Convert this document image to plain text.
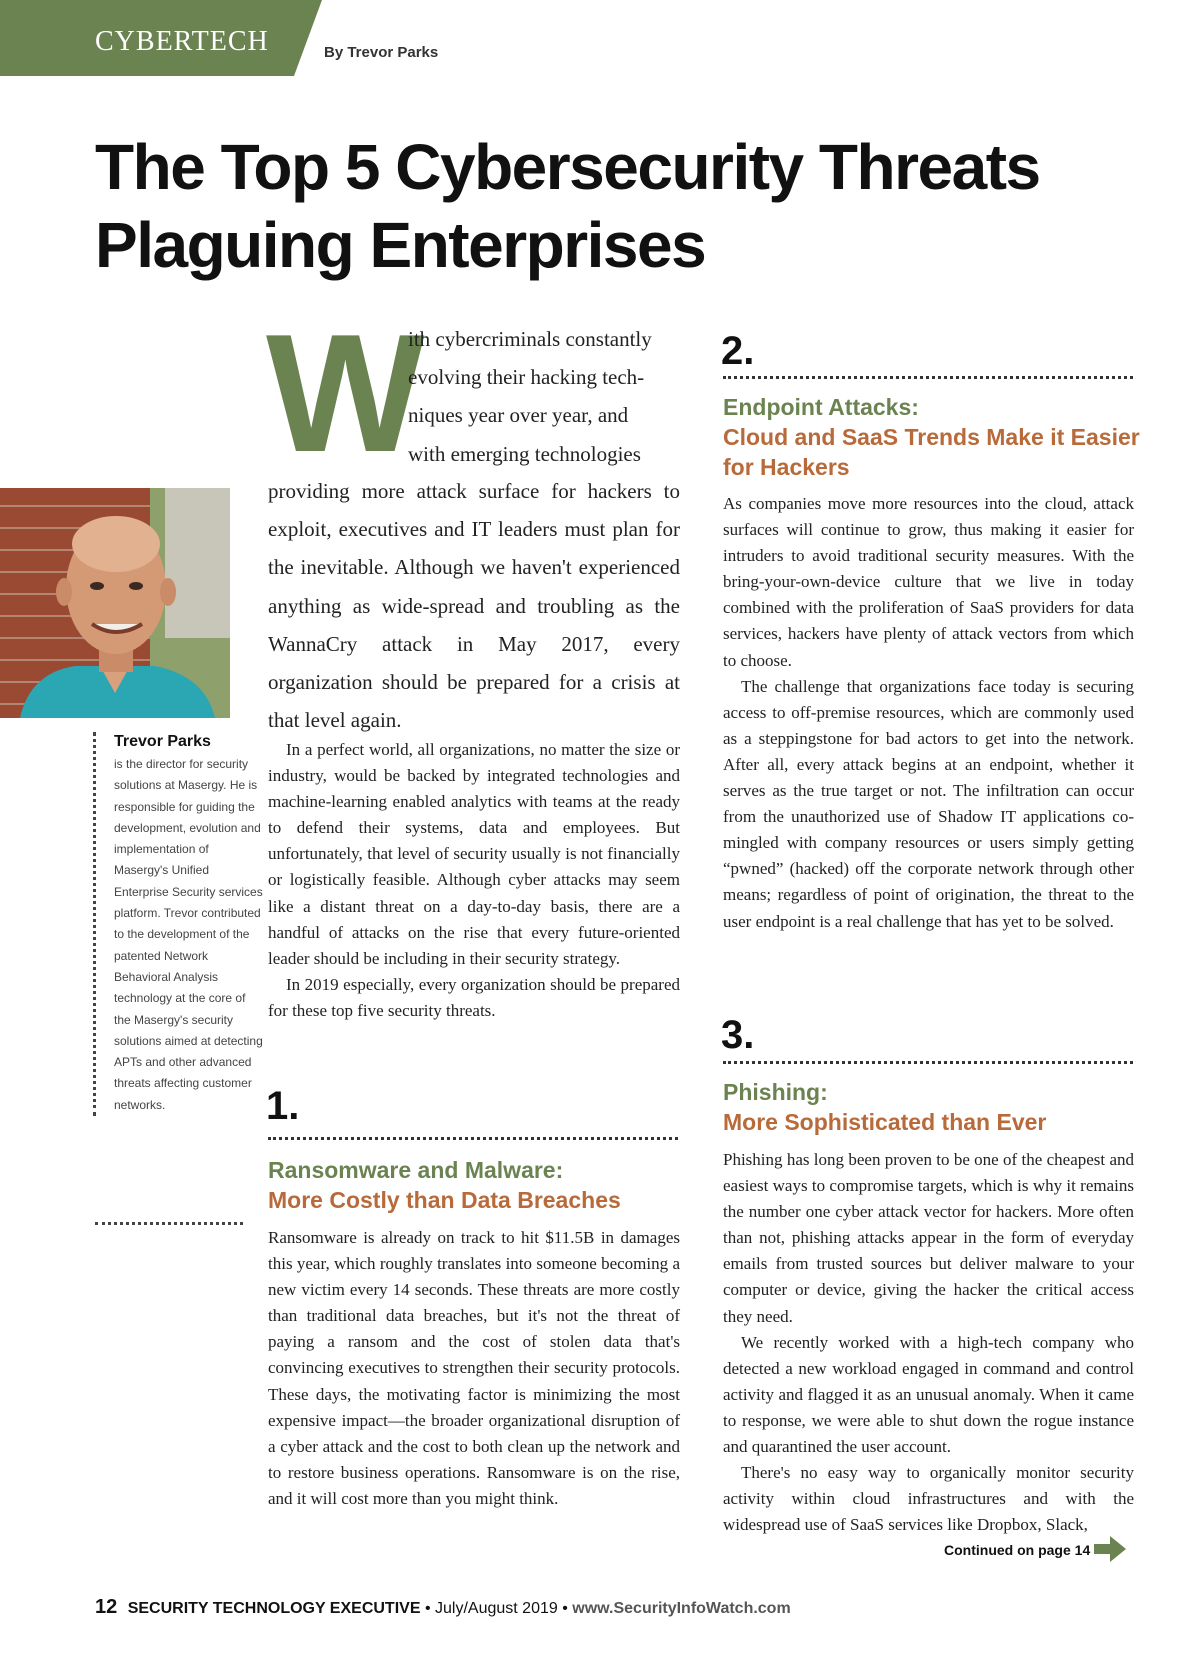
CYBERTECH	By Trevor Parks
The Top 5 Cybersecurity Threats
Plaguing Enterprises
Trevor Parks
is the director for security solutions at Masergy. He is responsible for guiding the development, evolution and implementation of Masergy's Unified Enterprise Security services platform. Trevor contributed to the development of the patented Network Behavioral Analysis technology at the core of the Masergy's security solutions aimed at detecting APTs and other advanced threats affecting customer networks.
W

ith cybercriminals constantly
evolving their hacking tech-
niques year over year, and
with emerging technologies

providing more attack surface for hackers to exploit, executives and IT leaders must plan for the inevitable. Although we haven't experienced anything as wide-spread and troubling as the WannaCry attack in May 2017, every organization should be prepared for a crisis at that level again.

In a perfect world, all organizations, no matter the size or industry, would be backed by integrated technologies and machine-learning enabled analytics with teams at the ready to defend their systems, data and employees. But unfortunately, that level of security usually is not financially or logistically feasible. Although cyber attacks may seem like a distant threat on a day-to-day basis, there are a handful of attacks on the rise that every future-oriented leader should be including in their security strategy.

In 2019 especially, every organization should be prepared for these top five security threats.

1.
Ransomware and Malware:
More Costly than Data Breaches

Ransomware is already on track to hit $11.5B in damages this year, which roughly translates into someone becoming a new victim every 14 seconds. These threats are more costly than traditional data breaches, but it's not the threat of paying a ransom and the cost of stolen data that's convincing executives to strengthen their security protocols. These days, the motivating factor is minimizing the most expensive impact—the broader organizational disruption of a cyber attack and the cost to both clean up the network and to restore business operations. Ransomware is on the rise, and it will cost more than you might think.

2.
Endpoint Attacks:
Cloud and SaaS Trends Make it Easier for Hackers

As companies move more resources into the cloud, attack surfaces will continue to grow, thus making it easier for intruders to avoid traditional security measures. With the bring-your-own-device culture that we live in today combined with the proliferation of SaaS providers for data services, hackers have plenty of attack vectors from which to choose.

The challenge that organizations face today is securing access to off-premise resources, which are commonly used as a steppingstone for bad actors to get into the network. After all, every attack begins at an endpoint, whether it serves as the true target or not. The infiltration can occur from the unauthorized use of Shadow IT applications co-mingled with company resources or users simply getting “pwned” (hacked) off the corporate network through other means; regardless of point of origination, the threat to the user endpoint is a real challenge that has yet to be solved.

3.
Phishing:
More Sophisticated than Ever

Phishing has long been proven to be one of the cheapest and easiest ways to compromise targets, which is why it remains the number one cyber attack vector for hackers. More often than not, phishing attacks appear in the form of everyday emails from trusted sources but deliver malware to your computer or device, giving the hacker the critical access they need.

We recently worked with a high-tech company who detected a new workload engaged in command and control activity and flagged it as an unusual anomaly. When it came to response, we were able to shut down the rogue instance and quarantined the user account.

There's no easy way to organically monitor security activity within cloud infrastructures and with the widespread use of SaaS services like Dropbox, Slack,

Continued on page 14
12 SECURITY TECHNOLOGY EXECUTIVE • July/August 2019 • www.SecurityInfoWatch.com
